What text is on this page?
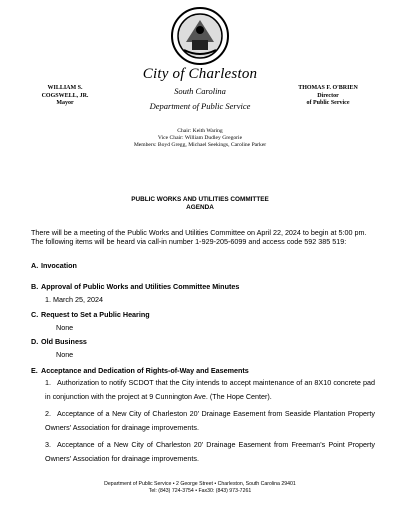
City of Charleston
South Carolina
Department of Public Service
WILLIAM S.
COGSWELL, JR.
Mayor
THOMAS F. O'BRIEN
Director
of Public Service
Chair: Keith Waring
Vice Chair: William Dudley Gregorie
Members: Boyd Gregg, Michael Seekings, Caroline Parker
PUBLIC WORKS AND UTILITIES COMMITTEE
AGENDA
There will be a meeting of the Public Works and Utilities Committee on April 22, 2024 to begin at 5:00 pm. The following items will be heard via call-in number 1-929-205-6099 and access code 592 385 519:
A. Invocation
B. Approval of Public Works and Utilities Committee Minutes
1. March 25, 2024
C. Request to Set a Public Hearing
None
D. Old Business
None
E. Acceptance and Dedication of Rights-of-Way and Easements
1. Authorization to notify SCDOT that the City intends to accept maintenance of an 8X10 concrete pad in conjunction with the project at 9 Cunnington Ave. (The Hope Center).
2. Acceptance of a New City of Charleston 20' Drainage Easement from Seaside Plantation Property Owners' Association for drainage improvements.
3. Acceptance of a New City of Charleston 20' Drainage Easement from Freeman's Point Property Owners' Association for drainage improvements.
Department of Public Service • 2 George Street • Charleston, South Carolina 29401
Tel: (843) 724-3754 • Fax30: (843) 973-7261
